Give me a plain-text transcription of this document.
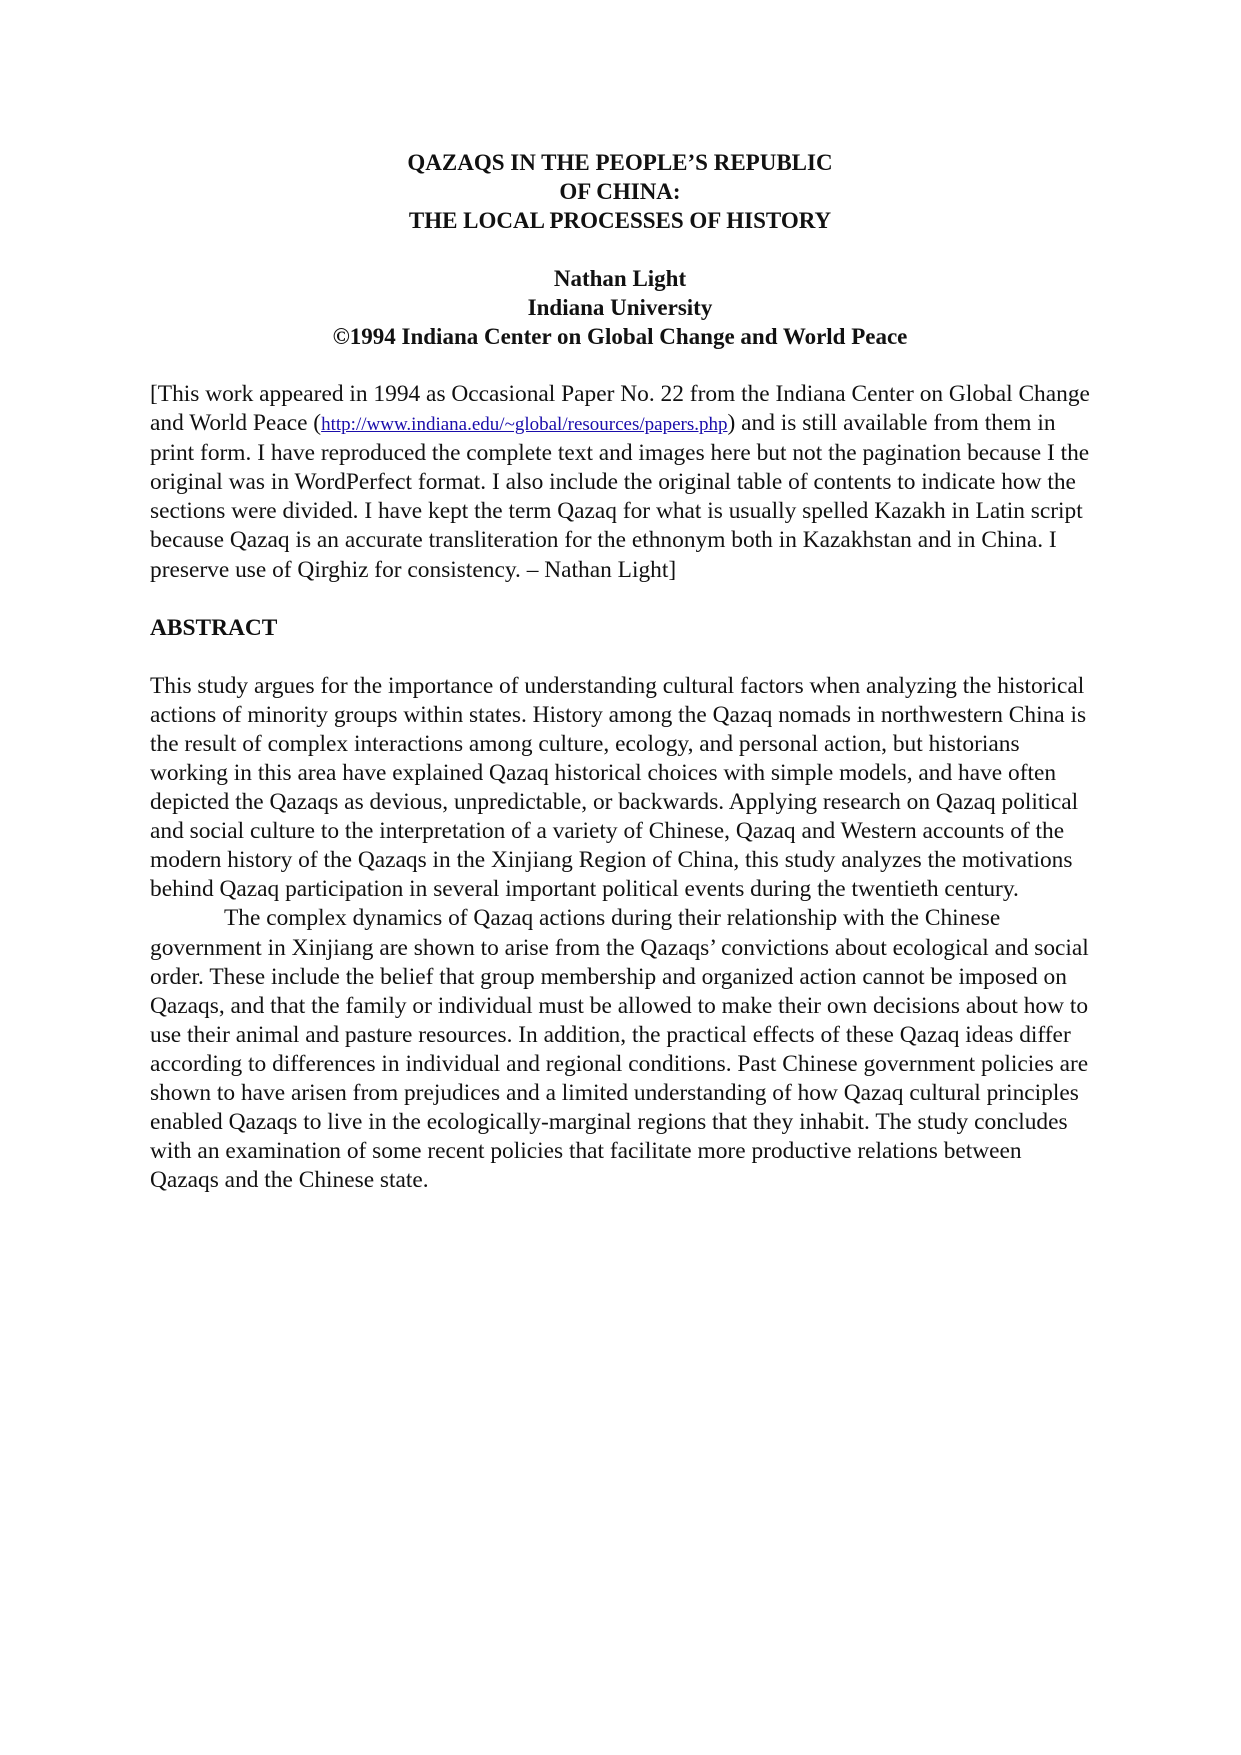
QAZAQS IN THE PEOPLE’S REPUBLIC
OF CHINA:
THE LOCAL PROCESSES OF HISTORY
Nathan Light
Indiana University
©1994 Indiana Center on Global Change and World Peace
[This work appeared in 1994 as Occasional Paper No. 22 from the Indiana Center on Global Change and World Peace (http://www.indiana.edu/~global/resources/papers.php) and is still available from them in print form. I have reproduced the complete text and images here but not the pagination because I the original was in WordPerfect format. I also include the original table of contents to indicate how the sections were divided. I have kept the term Qazaq for what is usually spelled Kazakh in Latin script because Qazaq is an accurate transliteration for the ethnonym both in Kazakhstan and in China. I preserve use of Qirghiz for consistency. – Nathan Light]
ABSTRACT

This study argues for the importance of understanding cultural factors when analyzing the historical actions of minority groups within states. History among the Qazaq nomads in northwestern China is the result of complex interactions among culture, ecology, and personal action, but historians working in this area have explained Qazaq historical choices with simple models, and have often depicted the Qazaqs as devious, unpredictable, or backwards. Applying research on Qazaq political and social culture to the interpretation of a variety of Chinese, Qazaq and Western accounts of the modern history of the Qazaqs in the Xinjiang Region of China, this study analyzes the motivations behind Qazaq participation in several important political events during the twentieth century.

The complex dynamics of Qazaq actions during their relationship with the Chinese government in Xinjiang are shown to arise from the Qazaqs’ convictions about ecological and social order. These include the belief that group membership and organized action cannot be imposed on Qazaqs, and that the family or individual must be allowed to make their own decisions about how to use their animal and pasture resources. In addition, the practical effects of these Qazaq ideas differ according to differences in individual and regional conditions. Past Chinese government policies are shown to have arisen from prejudices and a limited understanding of how Qazaq cultural principles enabled Qazaqs to live in the ecologically-marginal regions that they inhabit. The study concludes with an examination of some recent policies that facilitate more productive relations between Qazaqs and the Chinese state.
